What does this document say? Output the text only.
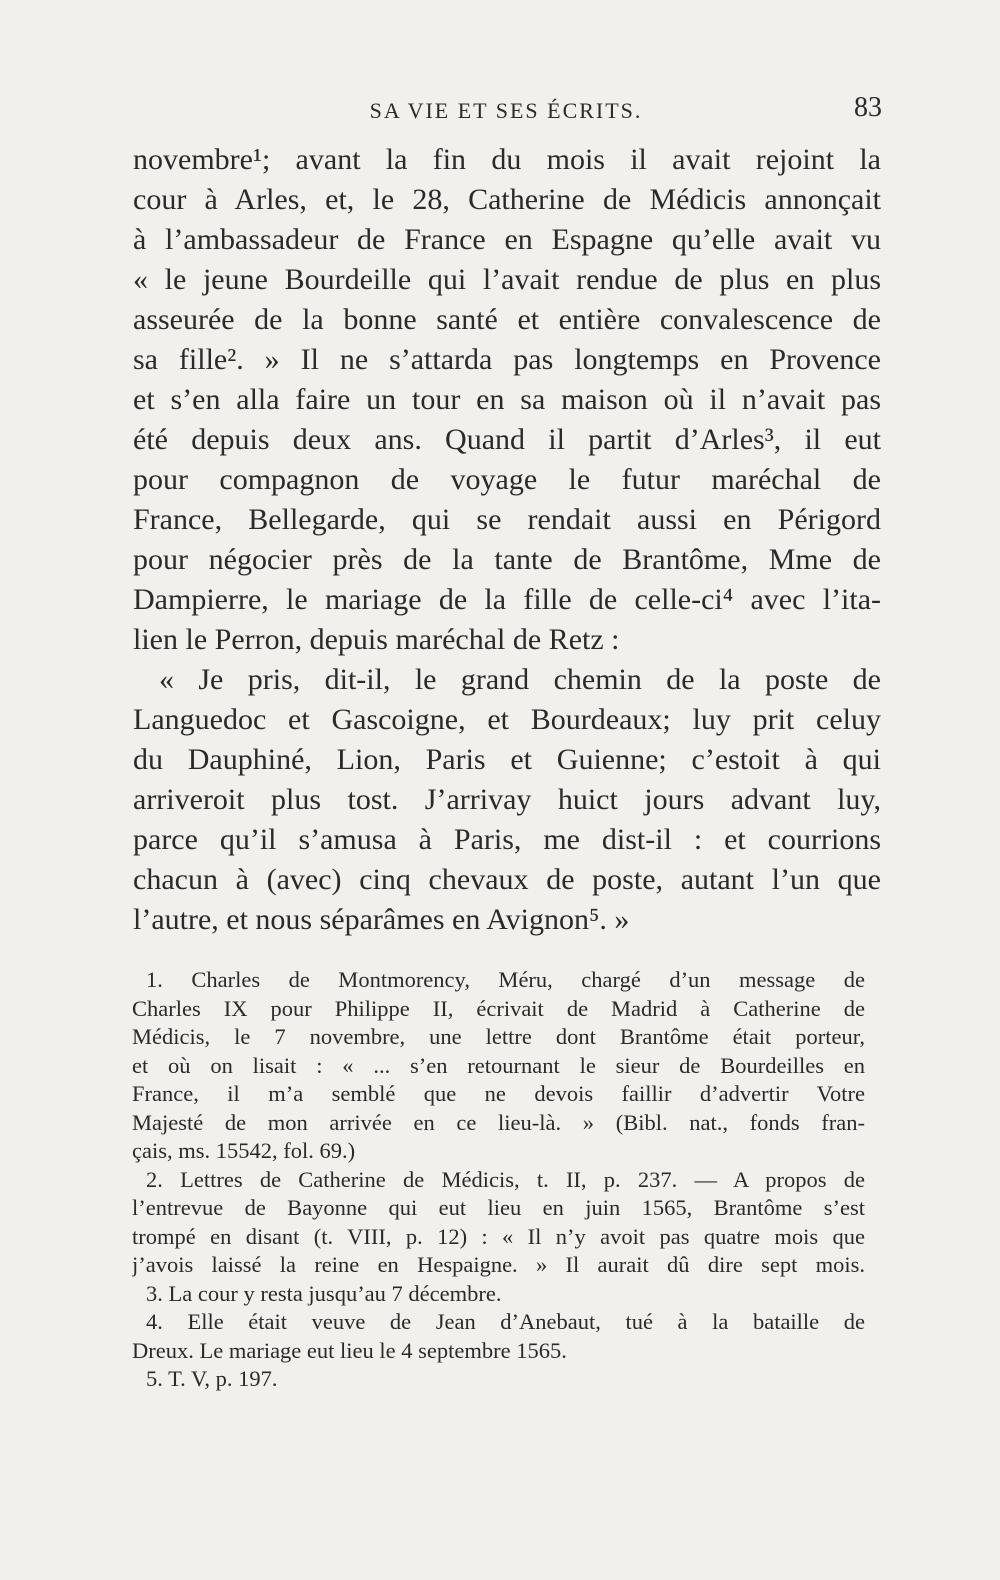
SA VIE ET SES ÉCRITS.	83
novembre¹; avant la fin du mois il avait rejoint la
cour à Arles, et, le 28, Catherine de Médicis annonçait
à l’ambassadeur de France en Espagne qu’elle avait vu
« le jeune Bourdeille qui l’avait rendue de plus en plus
asseurée de la bonne santé et entière convalescence de
sa fille². » Il ne s’attarda pas longtemps en Provence
et s’en alla faire un tour en sa maison où il n’avait pas
été depuis deux ans. Quand il partit d’Arles³, il eut
pour compagnon de voyage le futur maréchal de
France, Bellegarde, qui se rendait aussi en Périgord
pour négocier près de la tante de Brantôme, Mme de
Dampierre, le mariage de la fille de celle-ci⁴ avec l’ita-
lien le Perron, depuis maréchal de Retz :
« Je pris, dit-il, le grand chemin de la poste de
Languedoc et Gascoigne, et Bourdeaux; luy prit celuy
du Dauphiné, Lion, Paris et Guienne; c’estoit à qui
arriveroit plus tost. J’arrivay huict jours advant luy,
parce qu’il s’amusa à Paris, me dist-il : et courrions
chacun à (avec) cinq chevaux de poste, autant l’un que
l’autre, et nous séparâmes en Avignon⁵. »
1. Charles de Montmorency, Méru, chargé d’un message de
Charles IX pour Philippe II, écrivait de Madrid à Catherine de
Médicis, le 7 novembre, une lettre dont Brantôme était porteur,
et où on lisait : « ... s’en retournant le sieur de Bourdeilles en
France, il m’a semblé que ne devois faillir d’advertir Votre
Majesté de mon arrivée en ce lieu-là. » (Bibl. nat., fonds fran-
çais, ms. 15542, fol. 69.)
2. Lettres de Catherine de Médicis, t. II, p. 237. — A propos de
l’entrevue de Bayonne qui eut lieu en juin 1565, Brantôme s’est
trompé en disant (t. VIII, p. 12) : « Il n’y avoit pas quatre mois que
j’avois laissé la reine en Hespaigne. » Il aurait dû dire sept mois.
3. La cour y resta jusqu’au 7 décembre.
4. Elle était veuve de Jean d’Anebaut, tué à la bataille de
Dreux. Le mariage eut lieu le 4 septembre 1565.
5. T. V, p. 197.
